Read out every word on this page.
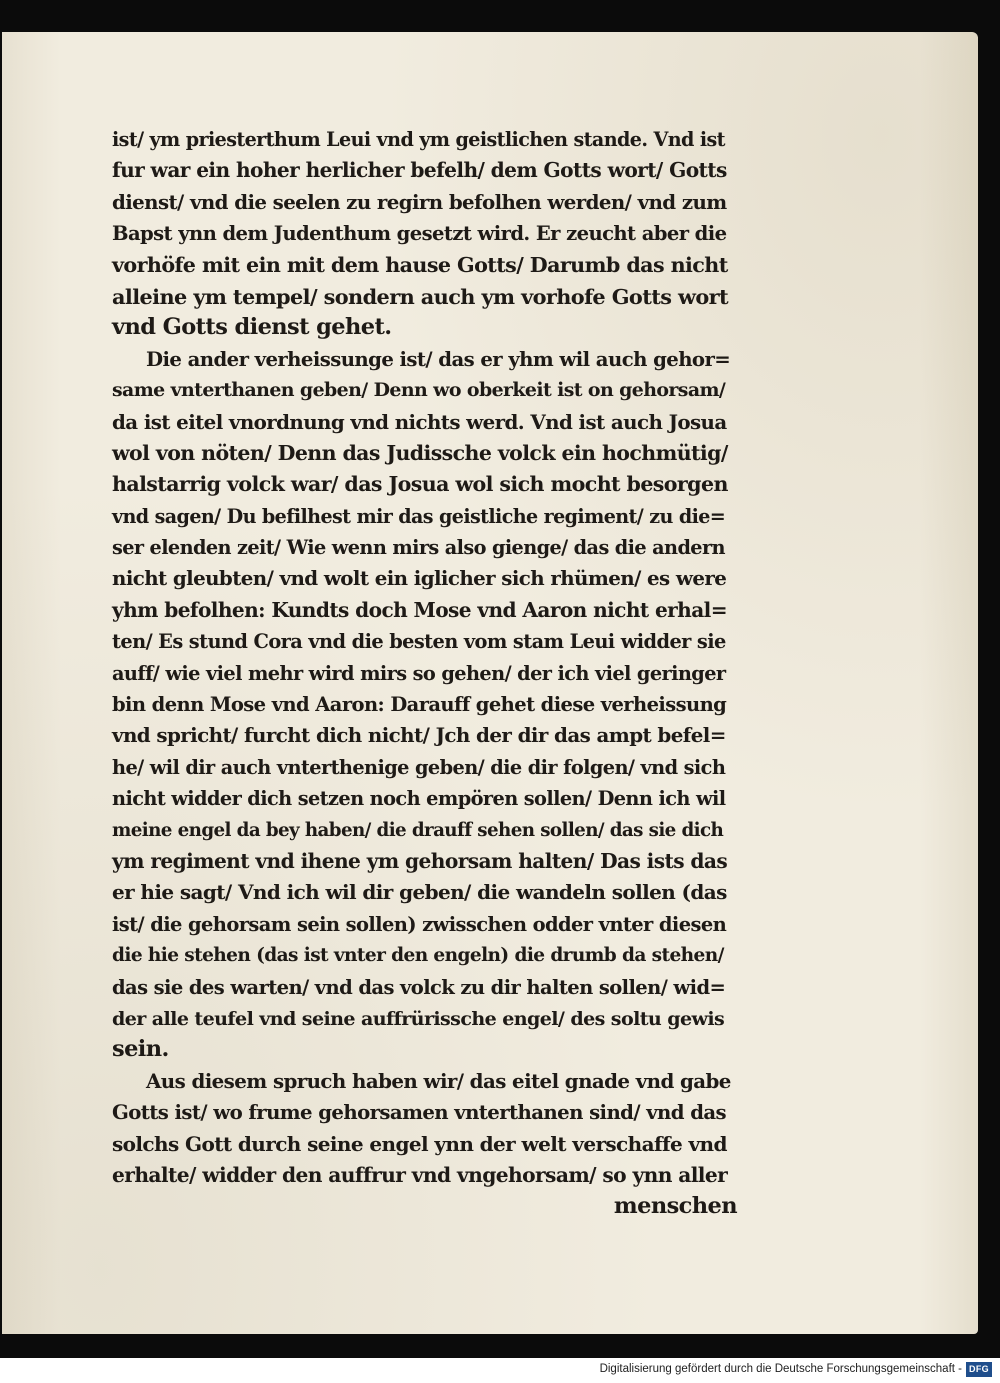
ist/ ym priesterthum Leui vnd ym geistlichen stande. Vnd ist
fur war ein hoher herlicher befelh/ dem Gotts wort/ Gotts
dienst/ vnd die seelen zu regirn befolhen werden/ vnd zum
Bapst ynn dem Judenthum gesetzt wird. Er zeucht aber die
vorhöfe mit ein mit dem hause Gotts/ Darumb das nicht
alleine ym tempel/ sondern auch ym vorhofe Gotts wort
vnd Gotts dienst gehet.
Die ander verheissunge ist/ das er yhm wil auch gehor=
same vnterthanen geben/ Denn wo oberkeit ist on gehorsam/
da ist eitel vnordnung vnd nichts werd. Vnd ist auch Josua
wol von nöten/ Denn das Judissche volck ein hochmütig/
halstarrig volck war/ das Josua wol sich mocht besorgen
vnd sagen/ Du befilhest mir das geistliche regiment/ zu die=
ser elenden zeit/ Wie wenn mirs also gienge/ das die andern
nicht gleubten/ vnd wolt ein iglicher sich rhümen/ es were
yhm befolhen: Kundts doch Mose vnd Aaron nicht erhal=
ten/ Es stund Cora vnd die besten vom stam Leui widder sie
auff/ wie viel mehr wird mirs so gehen/ der ich viel geringer
bin denn Mose vnd Aaron: Darauff gehet diese verheissung
vnd spricht/ furcht dich nicht/ Jch der dir das ampt befel=
he/ wil dir auch vnterthenige geben/ die dir folgen/ vnd sich
nicht widder dich setzen noch empören sollen/ Denn ich wil
meine engel da bey haben/ die drauff sehen sollen/ das sie dich
ym regiment vnd ihene ym gehorsam halten/ Das ists das
er hie sagt/ Vnd ich wil dir geben/ die wandeln sollen (das
ist/ die gehorsam sein sollen) zwisschen odder vnter diesen
die hie stehen (das ist vnter den engeln) die drumb da stehen/
das sie des warten/ vnd das volck zu dir halten sollen/ wid=
der alle teufel vnd seine auffrürissche engel/ des soltu gewis
sein.
Aus diesem spruch haben wir/ das eitel gnade vnd gabe
Gotts ist/ wo frume gehorsamen vnterthanen sind/ vnd das
solchs Gott durch seine engel ynn der welt verschaffe vnd
erhalte/ widder den auffrur vnd vngehorsam/ so ynn aller
menschen
Digitalisierung gefördert durch die Deutsche Forschungsgemeinschaft - DFG
